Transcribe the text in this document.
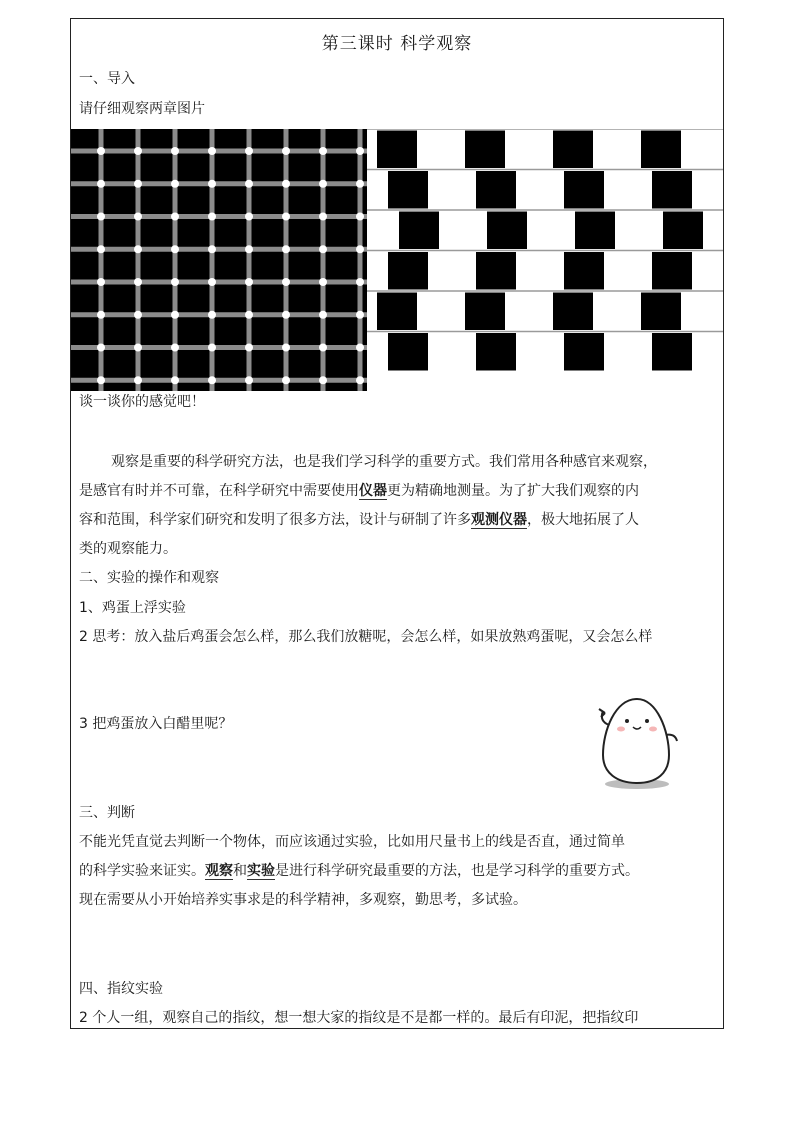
第三课时 科学观察
一、导入
请仔细观察两章图片
谈一谈你的感觉吧！
观察是重要的科学研究方法，也是我们学习科学的重要方式。我们常用各种感官来观察，
是感官有时并不可靠，在科学研究中需要使用仪器更为精确地测量。为了扩大我们观察的内
容和范围，科学家们研究和发明了很多方法，设计与研制了许多观测仪器，极大地拓展了人
类的观察能力。
二、实验的操作和观察
1、鸡蛋上浮实验
2 思考：放入盐后鸡蛋会怎么样，那么我们放糖呢，会怎么样，如果放熟鸡蛋呢，又会怎么样
3 把鸡蛋放入白醋里呢？
三、判断
不能光凭直觉去判断一个物体，而应该通过实验，比如用尺量书上的线是否直，通过简单
的科学实验来证实。观察和实验是进行科学研究最重要的方法，也是学习科学的重要方式。
现在需要从小开始培养实事求是的科学精神，多观察，勤思考，多试验。
四、指纹实验
2 个人一组，观察自己的指纹，想一想大家的指纹是不是都一样的。最后有印泥，把指纹印
